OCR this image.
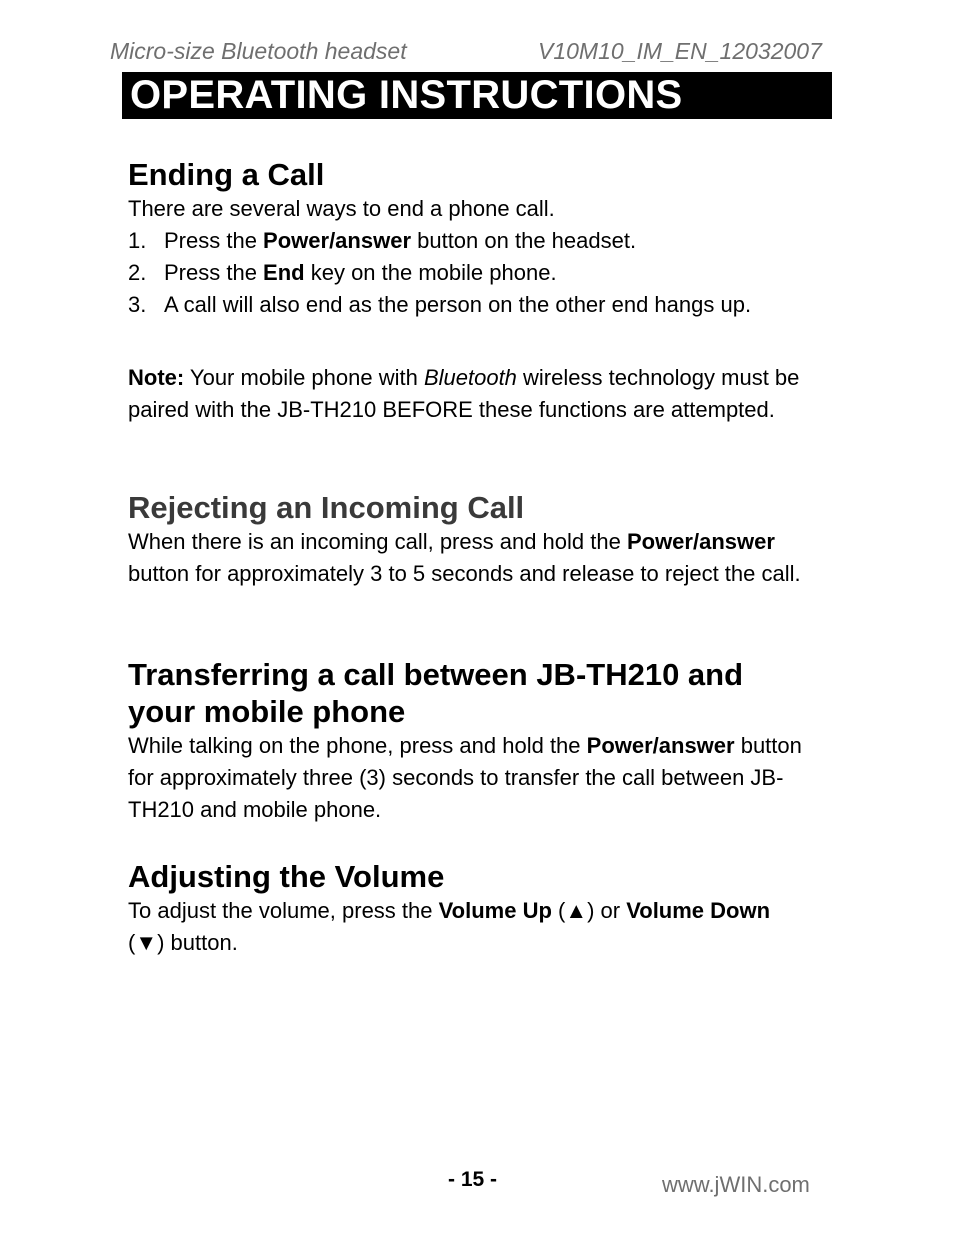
Micro-size Bluetooth headset	V10M10_IM_EN_12032007
OPERATING INSTRUCTIONS
Ending a Call

There are several ways to end a phone call.

1. Press the Power/answer button on the headset.
2. Press the End key on the mobile phone.
3. A call will also end as the person on the other end hangs up.

Note: Your mobile phone with Bluetooth wireless technology must be paired with the JB-TH210 BEFORE these functions are attempted.

Rejecting an Incoming Call

When there is an incoming call, press and hold the Power/answer button for approximately 3 to 5 seconds and release to reject the call.

Transferring a call between JB-TH210 and your mobile phone

While talking on the phone, press and hold the Power/answer button for approximately three (3) seconds to transfer the call between JB-TH210 and mobile phone.

Adjusting the Volume

To adjust the volume, press the Volume Up (▲) or Volume Down (▼) button.

- 15 -	www.jWIN.com
